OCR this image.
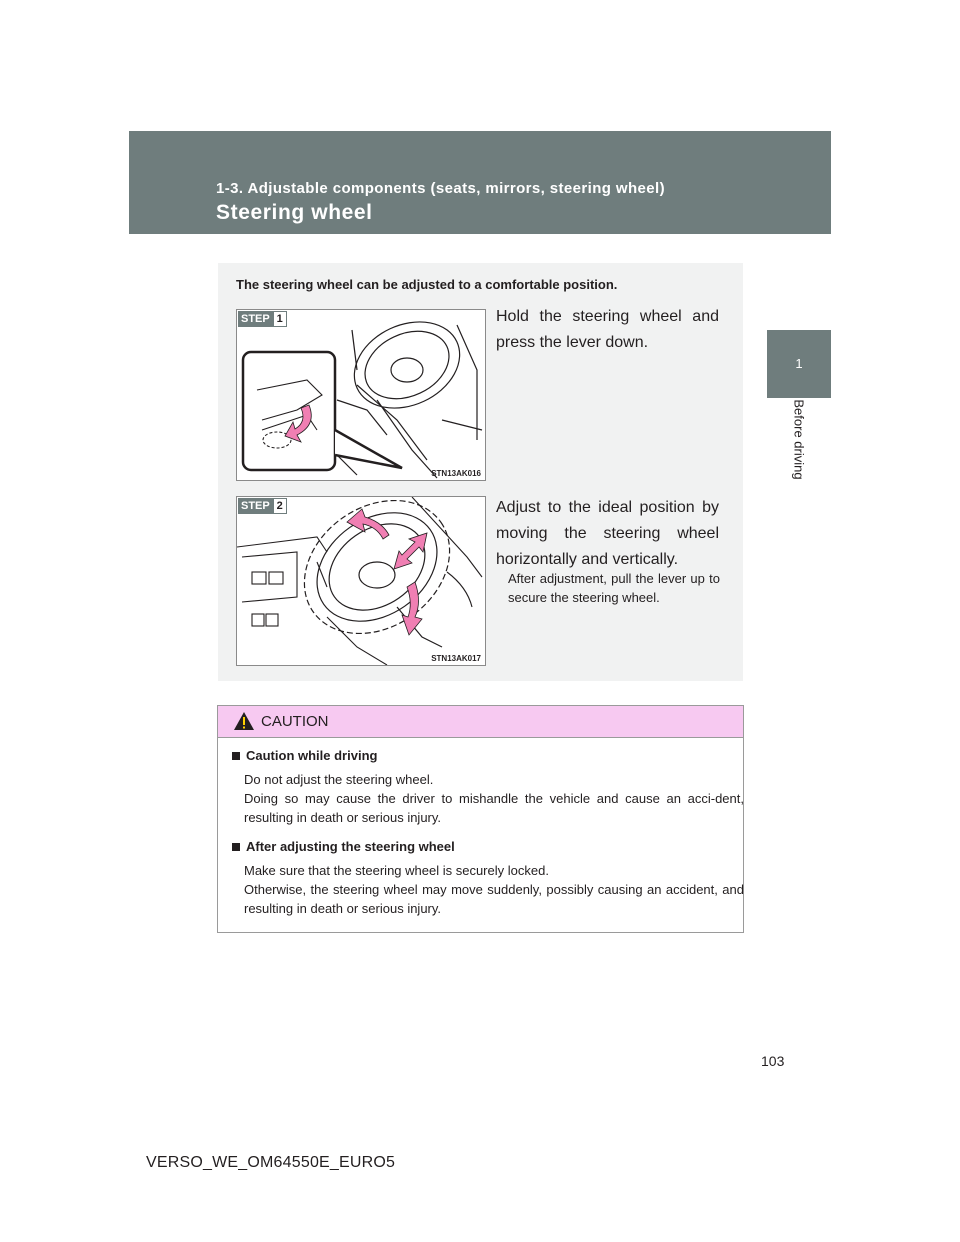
1-3. Adjustable components (seats, mirrors, steering wheel)
Steering wheel
1
Before driving
The steering wheel can be adjusted to a comfortable position.
STEP 1
STN13AK016
Hold the steering wheel and press the lever down.
STEP 2
STN13AK017
Adjust to the ideal position by moving the steering wheel horizontally and vertically.
After adjustment, pull the lever up to secure the steering wheel.
CAUTION
Caution while driving
Do not adjust the steering wheel.
Doing so may cause the driver to mishandle the vehicle and cause an acci-dent, resulting in death or serious injury.
After adjusting the steering wheel
Make sure that the steering wheel is securely locked.
Otherwise, the steering wheel may move suddenly, possibly causing an accident, and resulting in death or serious injury.
103
VERSO_WE_OM64550E_EURO5
